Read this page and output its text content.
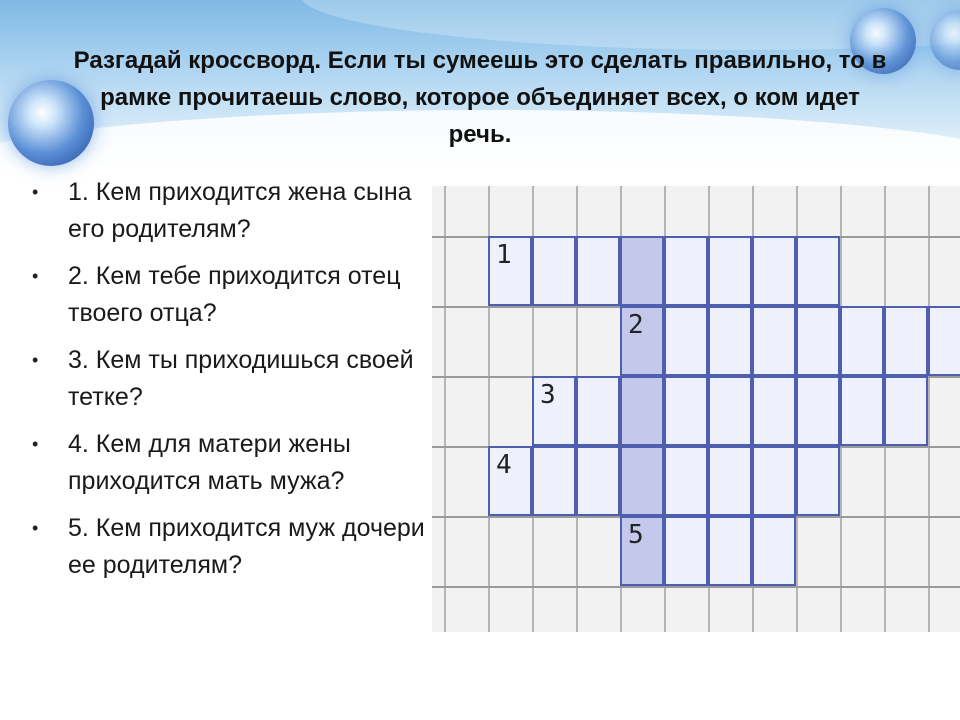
Разгадай кроссворд. Если ты сумеешь это сделать правильно, то в рамке прочитаешь слово, которое объединяет всех, о ком идет речь.
• 1. Кем приходится жена сына его родителям?
• 2. Кем тебе приходится отец твоего отца?
• 3. Кем ты приходишься своей тетке?
• 4. Кем для матери жены приходится мать мужа?
• 5. Кем приходится муж дочери ее родителям?
1
2
3
4
5
